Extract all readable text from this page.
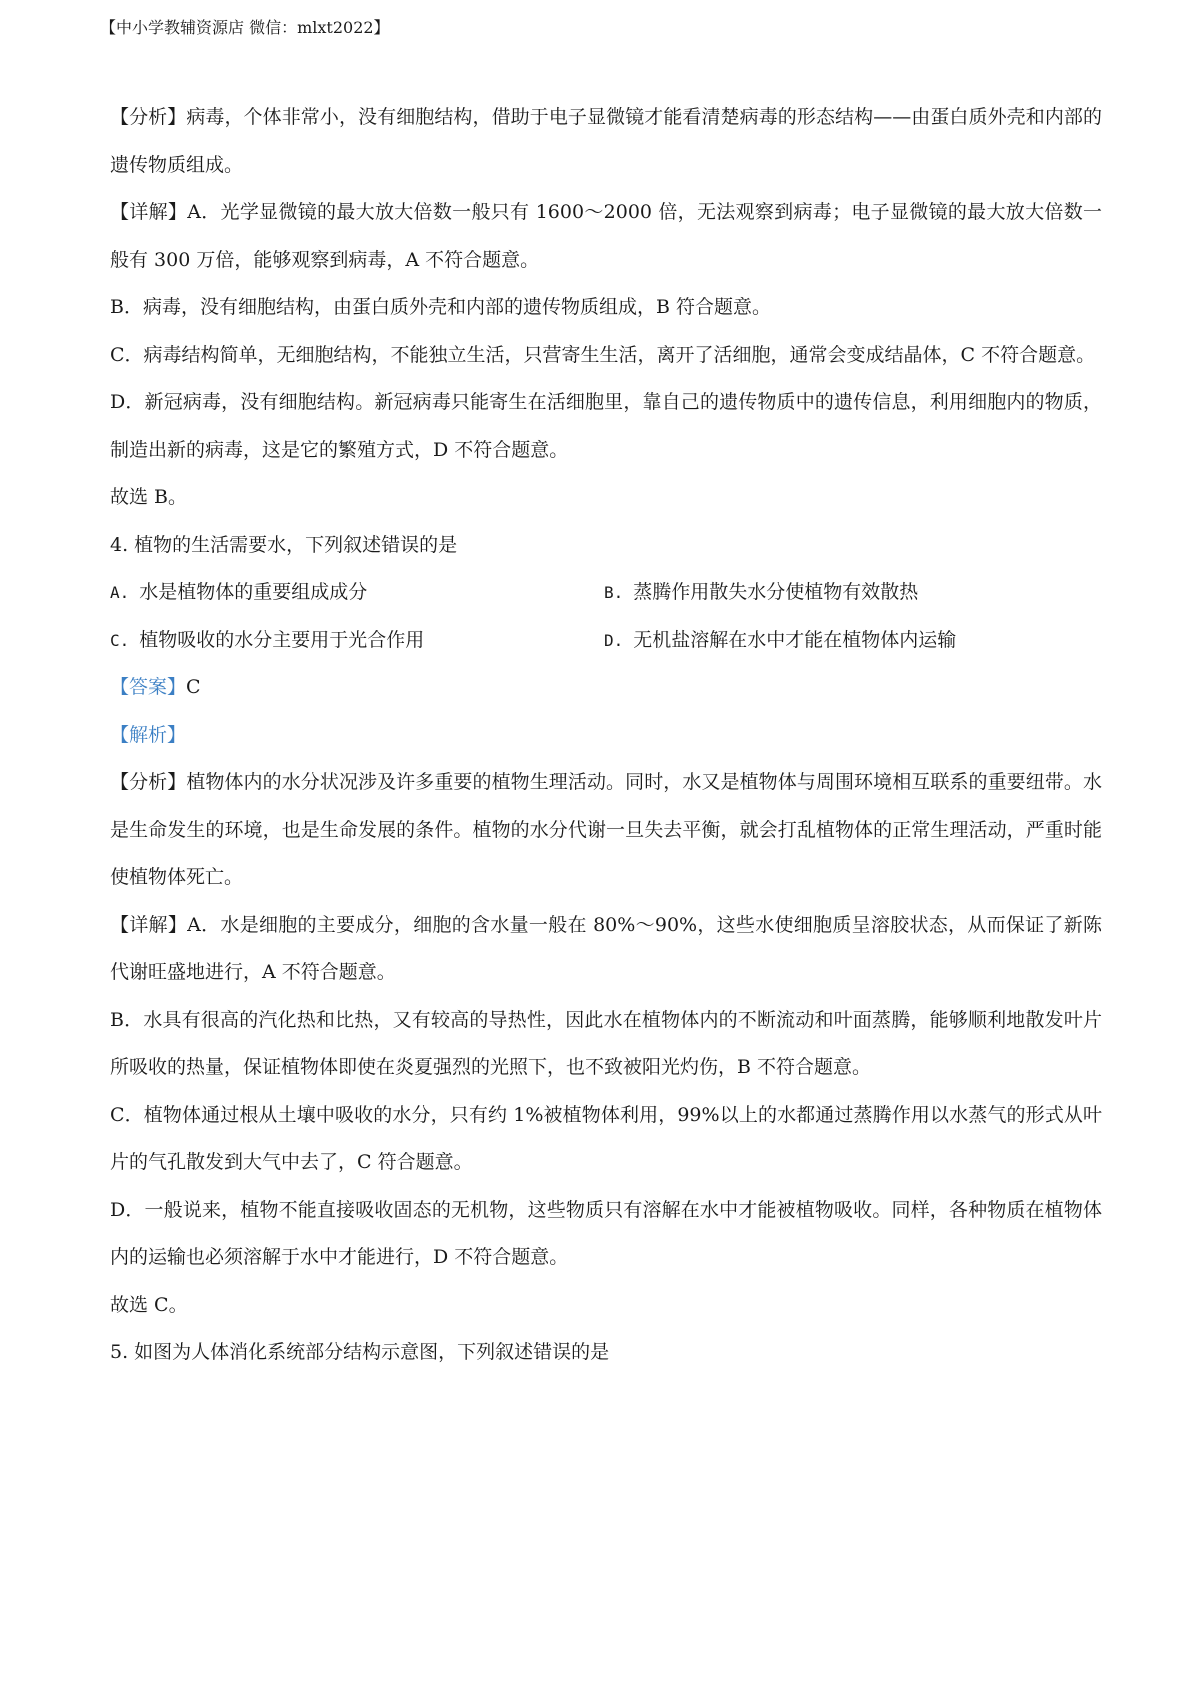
【中小学教辅资源店 微信：mlxt2022】

【分析】病毒，个体非常小，没有细胞结构，借助于电子显微镜才能看清楚病毒的形态结构——由蛋白质外壳和内部的遗传物质组成。

【详解】A．光学显微镜的最大放大倍数一般只有 1600～2000 倍，无法观察到病毒；电子显微镜的最大放大倍数一般有 300 万倍，能够观察到病毒，A 不符合题意。

B．病毒，没有细胞结构，由蛋白质外壳和内部的遗传物质组成，B 符合题意。

C．病毒结构简单，无细胞结构，不能独立生活，只营寄生生活，离开了活细胞，通常会变成结晶体，C 不符合题意。

D．新冠病毒，没有细胞结构。新冠病毒只能寄生在活细胞里，靠自己的遗传物质中的遗传信息，利用细胞内的物质，制造出新的病毒，这是它的繁殖方式，D 不符合题意。

故选 B。

4. 植物的生活需要水，下列叙述错误的是

A. 水是植物体的重要组成成分	B. 蒸腾作用散失水分使植物有效散热
C. 植物吸收的水分主要用于光合作用	D. 无机盐溶解在水中才能在植物体内运输

【答案】C

【解析】

【分析】植物体内的水分状况涉及许多重要的植物生理活动。同时，水又是植物体与周围环境相互联系的重要纽带。水是生命发生的环境，也是生命发展的条件。植物的水分代谢一旦失去平衡，就会打乱植物体的正常生理活动，严重时能使植物体死亡。

【详解】A．水是细胞的主要成分，细胞的含水量一般在 80%～90%，这些水使细胞质呈溶胶状态，从而保证了新陈代谢旺盛地进行，A 不符合题意。

B．水具有很高的汽化热和比热，又有较高的导热性，因此水在植物体内的不断流动和叶面蒸腾，能够顺利地散发叶片所吸收的热量，保证植物体即使在炎夏强烈的光照下，也不致被阳光灼伤，B 不符合题意。

C．植物体通过根从土壤中吸收的水分，只有约 1%被植物体利用，99%以上的水都通过蒸腾作用以水蒸气的形式从叶片的气孔散发到大气中去了，C 符合题意。

D．一般说来，植物不能直接吸收固态的无机物，这些物质只有溶解在水中才能被植物吸收。同样，各种物质在植物体内的运输也必须溶解于水中才能进行，D 不符合题意。

故选 C。

5. 如图为人体消化系统部分结构示意图，下列叙述错误的是
